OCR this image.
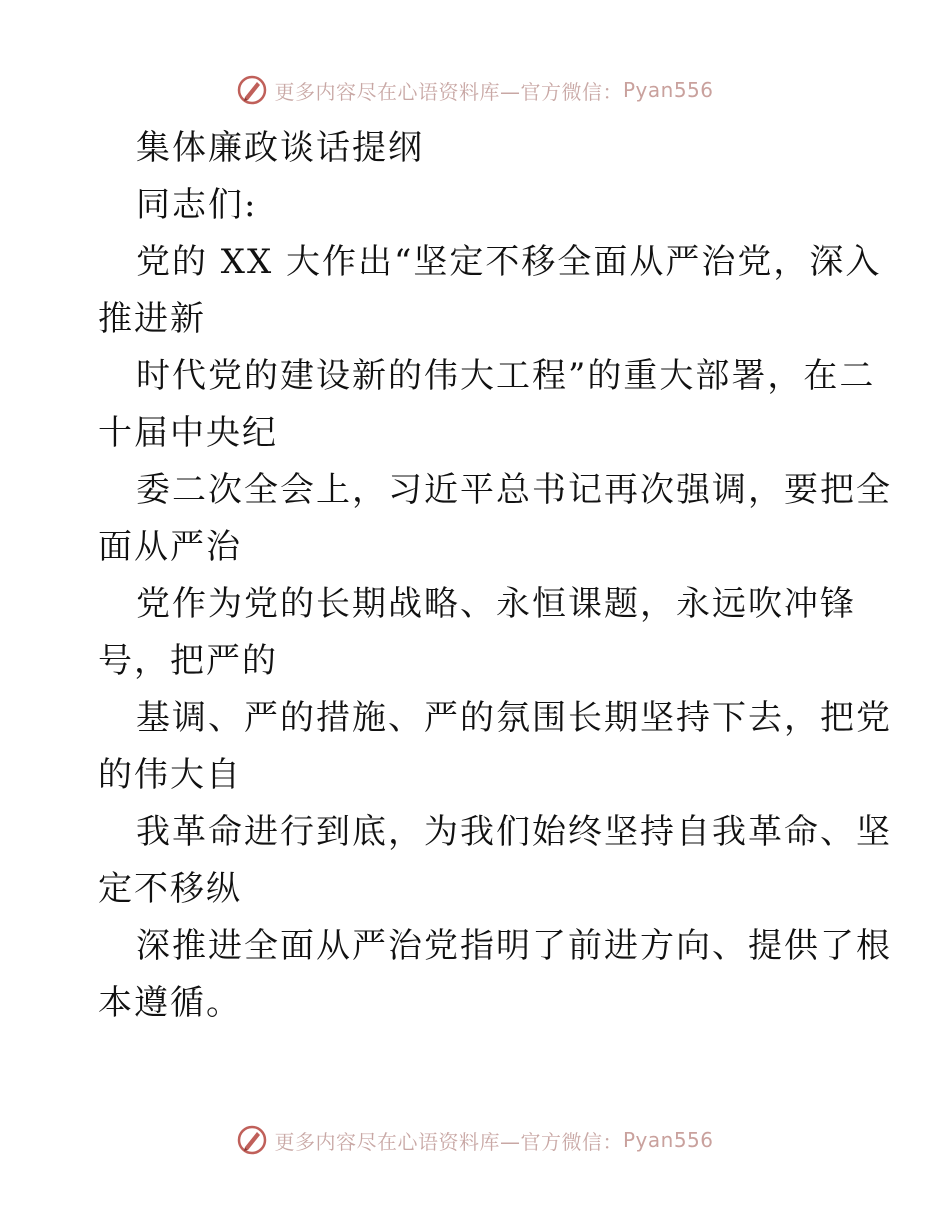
更多内容尽在心语资料库—官方微信： Pyan556
集体廉政谈话提纲
同志们:
党的 XX 大作出“坚定不移全面从严治党，深入
推进新
时代党的建设新的伟大工程”的重大部署，在二
十届中央纪
委二次全会上，习近平总书记再次强调，要把全
面从严治
党作为党的长期战略、永恒课题，永远吹冲锋
号，把严的
基调、严的措施、严的氛围长期坚持下去，把党
的伟大自
我革命进行到底，为我们始终坚持自我革命、坚
定不移纵
深推进全面从严治党指明了前进方向、提供了根
本遵循。
更多内容尽在心语资料库—官方微信： Pyan556
